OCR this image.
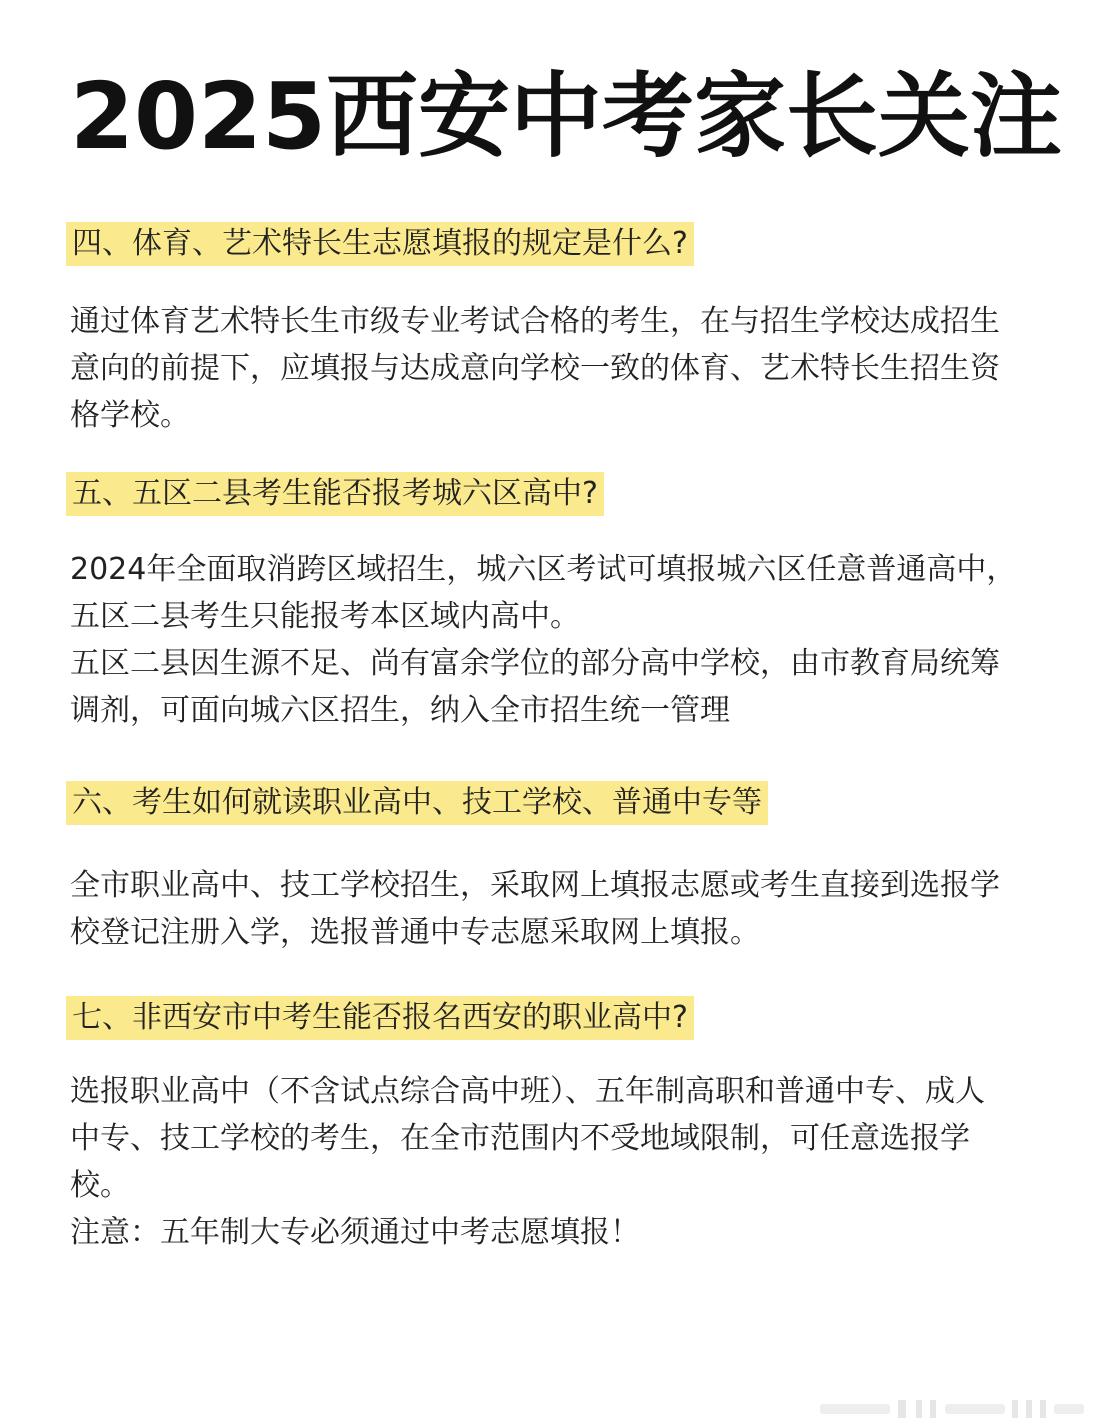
2025西安中考家长关注
四、体育、艺术特长生志愿填报的规定是什么?
通过体育艺术特长生市级专业考试合格的考生，在与招生学校达成招生
意向的前提下，应填报与达成意向学校一致的体育、艺术特长生招生资
格学校。
五、五区二县考生能否报考城六区高中?
2024年全面取消跨区域招生，城六区考试可填报城六区任意普通高中，
五区二县考生只能报考本区域内高中。
五区二县因生源不足、尚有富余学位的部分高中学校，由市教育局统筹
调剂，可面向城六区招生，纳入全市招生统一管理
六、考生如何就读职业高中、技工学校、普通中专等
全市职业高中、技工学校招生，采取网上填报志愿或考生直接到选报学
校登记注册入学，选报普通中专志愿采取网上填报。
七、非西安市中考生能否报名西安的职业高中?
选报职业高中（不含试点综合高中班）、五年制高职和普通中专、成人
中专、技工学校的考生，在全市范围内不受地域限制，可任意选报学
校。
注意：五年制大专必须通过中考志愿填报！
